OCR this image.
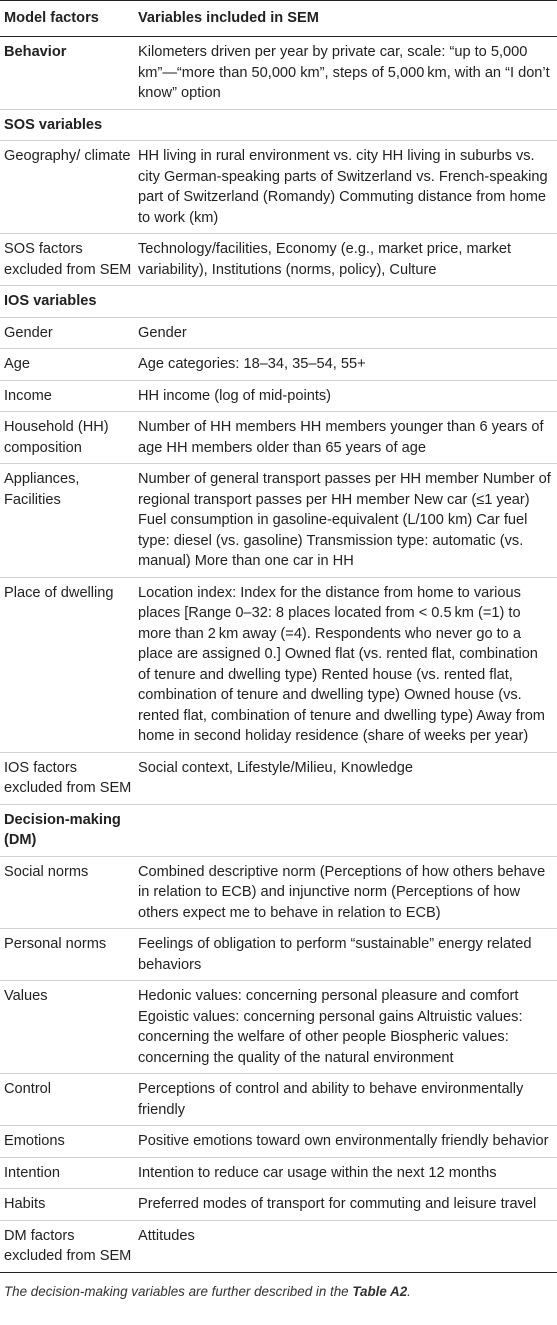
Model factors	Variables included in SEM
Behavior	Kilometers driven per year by private car, scale: “up to 5,000 km”—“more than 50,000 km”, steps of 5,000 km, with an “I don’t know” option
SOS variables	
Geography/ climate	HH living in rural environment vs. city HH living in suburbs vs. city German-speaking parts of Switzerland vs. French-speaking part of Switzerland (Romandy) Commuting distance from home to work (km)
SOS factors excluded from SEM	Technology/facilities, Economy (e.g., market price, market variability), Institutions (norms, policy), Culture
IOS variables	
Gender	Gender
Age	Age categories: 18–34, 35–54, 55+
Income	HH income (log of mid-points)
Household (HH) composition	Number of HH members HH members younger than 6 years of age HH members older than 65 years of age
Appliances, Facilities	Number of general transport passes per HH member Number of regional transport passes per HH member New car (≤1 year) Fuel consumption in gasoline-equivalent (L/100 km) Car fuel type: diesel (vs. gasoline) Transmission type: automatic (vs. manual) More than one car in HH
Place of dwelling	Location index: Index for the distance from home to various places [Range 0–32: 8 places located from < 0.5 km (=1) to more than 2 km away (=4). Respondents who never go to a place are assigned 0.] Owned flat (vs. rented flat, combination of tenure and dwelling type) Rented house (vs. rented flat, combination of tenure and dwelling type) Owned house (vs. rented flat, combination of tenure and dwelling type) Away from home in second holiday residence (share of weeks per year)
IOS factors excluded from SEM	Social context, Lifestyle/Milieu, Knowledge
Decision-making (DM)	
Social norms	Combined descriptive norm (Perceptions of how others behave in relation to ECB) and injunctive norm (Perceptions of how others expect me to behave in relation to ECB)
Personal norms	Feelings of obligation to perform “sustainable” energy related behaviors
Values	Hedonic values: concerning personal pleasure and comfort Egoistic values: concerning personal gains Altruistic values: concerning the welfare of other people Biospheric values: concerning the quality of the natural environment
Control	Perceptions of control and ability to behave environmentally friendly
Emotions	Positive emotions toward own environmentally friendly behavior
Intention	Intention to reduce car usage within the next 12 months
Habits	Preferred modes of transport for commuting and leisure travel
DM factors excluded from SEM	Attitudes
The decision-making variables are further described in the Table A2.
